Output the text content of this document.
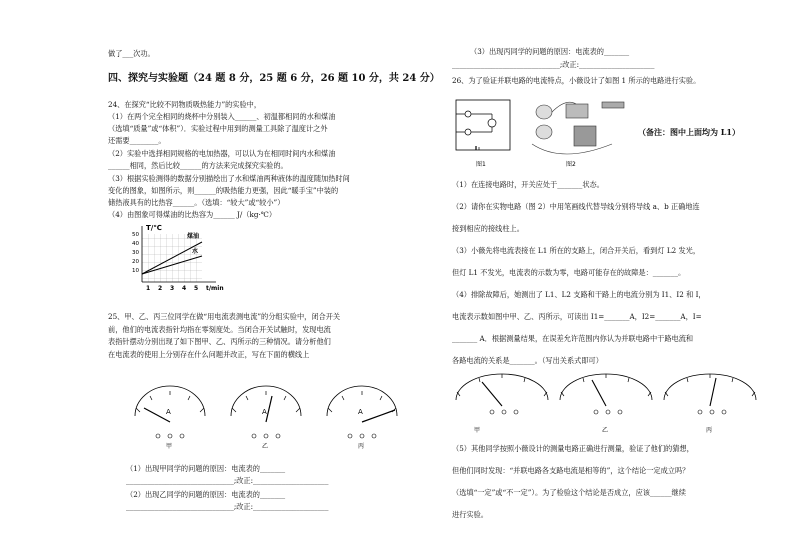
做了___次功。
四、探究与实验题（24 题 8 分，25 题 6 分，26 题 10 分，共 24 分）
24、在探究“比较不同物质吸热能力”的实验中，
（1）在两个完全相同的烧杯中分别装入______、初温都相同的水和煤油
（选填“质量”或“体积”）．实验过程中用到的测量工具除了温度计之外
还需要________。
（2）实验中选择相同规格的电加热器，可以认为在相同时间内水和煤油
______相同，然后比较______的方法来完成探究实验的。
（3）根据实验测得的数据分别描绘出了水和煤油两种液体的温度随加热时间
变化的图象，如图所示，则______的吸热能力更强，因此“暖手宝”中装的
储热液具有的比热容______。（选填：“较大”或“较小”）
（4）由图象可得煤油的比热容为______ J/（kg·℃）
T/℃
t/min
50
40
30
20
10
1 2 3 4 5
煤油
水
25、甲、乙、丙三位同学在做“用电流表测电流”的分组实验中，闭合开关
前，他们的电流表指针均指在零刻度处。当闭合开关试触时，发现电流
表指针摆动分别出现了如下图甲、乙、丙所示的三种情况。请分析他们
在电流表的使用上分别存在什么问题并改正，写在下面的横线上
A
甲
A
乙
A
丙
（1）出现甲同学的问题的原因：电流表的_______
______________________________;改正:_____________________
（2）出现乙同学的问题的原因：电流表的_______
______________________________;改正:_____________________
（3）出现丙同学的问题的原因：电流表的_______
______________________________;改正:_____________________
26、为了验证并联电路的电流特点，小薇设计了如图 1 所示的电路进行实验。
图1	图2
（备注：图中上面均为 L1）
（1）在连接电路时，开关应处于_______状态。
（2）请你在实物电路（图 2）中用笔画线代替导线分别将导线 a、b 正确地连
接到相应的接线柱上。
（3）小薇先将电流表接在 L1 所在的支路上，闭合开关后，看到灯 L2 发光，
但灯 L1 不发光，电流表的示数为零，电路可能存在的故障是：_______。
（4）排除故障后，她测出了 L1、L2 支路和干路上的电流分别为 I1、I2 和 I，
电流表示数如图中甲、乙、丙所示，可读出 I1=_______A，I2=_______A，I=
_______ A．根据测量结果，在误差允许范围内你认为并联电路中干路电流和
各路电流的关系是_______。（写出关系式即可）
甲	乙	丙
（5）其他同学按照小薇设计的测量电路正确进行测量，验证了他们的猜想，
但他们同时发现：“并联电路各支路电流是相等的”，这个结论一定成立吗？
（选填“一定”或“不一定”）。为了检验这个结论是否成立，应该______继续
进行实验。
